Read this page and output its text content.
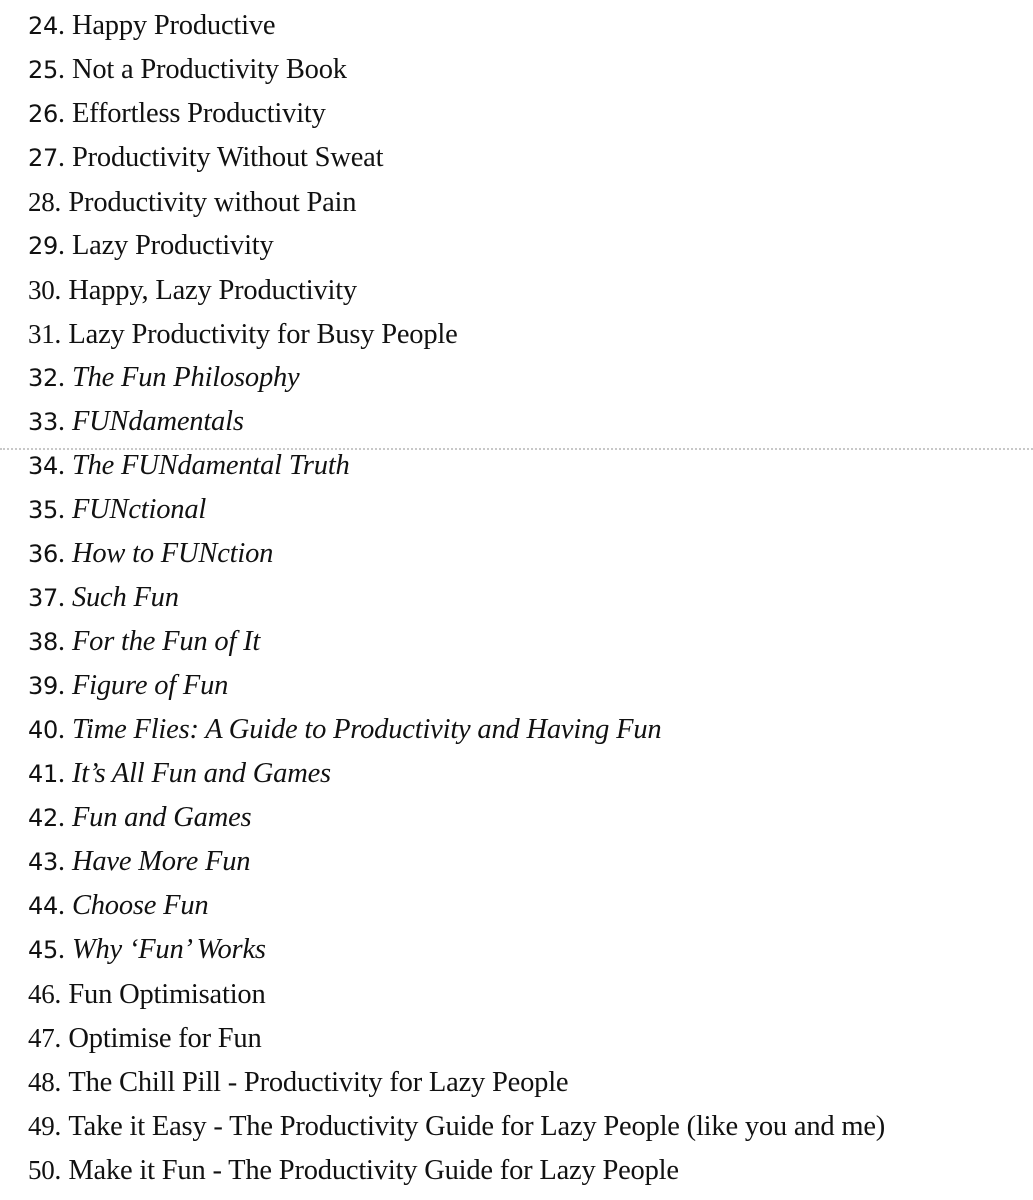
24. Happy Productive
25. Not a Productivity Book
26. Effortless Productivity
27. Productivity Without Sweat
28. Productivity without Pain
29. Lazy Productivity
30. Happy, Lazy Productivity
31. Lazy Productivity for Busy People
32. The Fun Philosophy
33. FUNdamentals
34. The FUNdamental Truth
35. FUNctional
36. How to FUNction
37. Such Fun
38. For the Fun of It
39. Figure of Fun
40. Time Flies: A Guide to Productivity and Having Fun
41. It’s All Fun and Games
42. Fun and Games
43. Have More Fun
44. Choose Fun
45. Why ‘Fun’ Works
46. Fun Optimisation
47. Optimise for Fun
48. The Chill Pill - Productivity for Lazy People
49. Take it Easy - The Productivity Guide for Lazy People (like you and me)
50. Make it Fun - The Productivity Guide for Lazy People
